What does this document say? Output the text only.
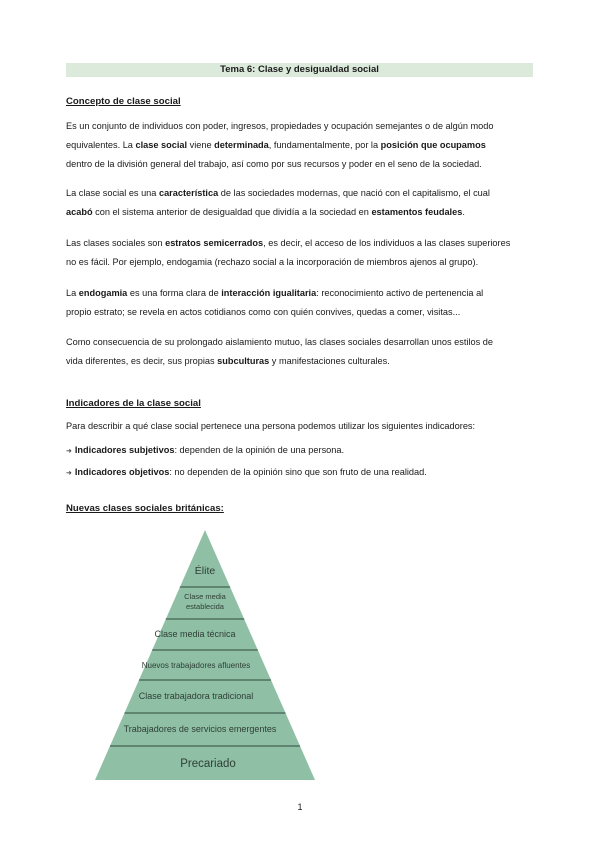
Tema 6: Clase y desigualdad social
Concepto de clase social
Es un conjunto de individuos con poder, ingresos, propiedades y ocupación semejantes o de algún modo
equivalentes. La clase social viene determinada, fundamentalmente, por la posición que ocupamos
dentro de la división general del trabajo, así como por sus recursos y poder en el seno de la sociedad.
La clase social es una característica de las sociedades modernas, que nació con el capitalismo, el cual
acabó con el sistema anterior de desigualdad que dividía a la sociedad en estamentos feudales.
Las clases sociales son estratos semicerrados, es decir, el acceso de los individuos a las clases superiores
no es fácil. Por ejemplo, endogamia (rechazo social a la incorporación de miembros ajenos al grupo).
La endogamia es una forma clara de interacción igualitaria: reconocimiento activo de pertenencia al
propio estrato; se revela en actos cotidianos como con quién convives, quedas a comer, visitas...
Como consecuencia de su prolongado aislamiento mutuo, las clases sociales desarrollan unos estilos de
vida diferentes, es decir, sus propias subculturas y manifestaciones culturales.
Indicadores de la clase social
Para describir a qué clase social pertenece una persona podemos utilizar los siguientes indicadores:
➜ Indicadores subjetivos: dependen de la opinión de una persona.
➜ Indicadores objetivos: no dependen de la opinión sino que son fruto de una realidad.
Nuevas clases sociales británicas:
Élite
Clase media
establecida
Clase media técnica
Nuevos trabajadores afluentes
Clase trabajadora tradicional
Trabajadores de servicios emergentes
Precariado
1
